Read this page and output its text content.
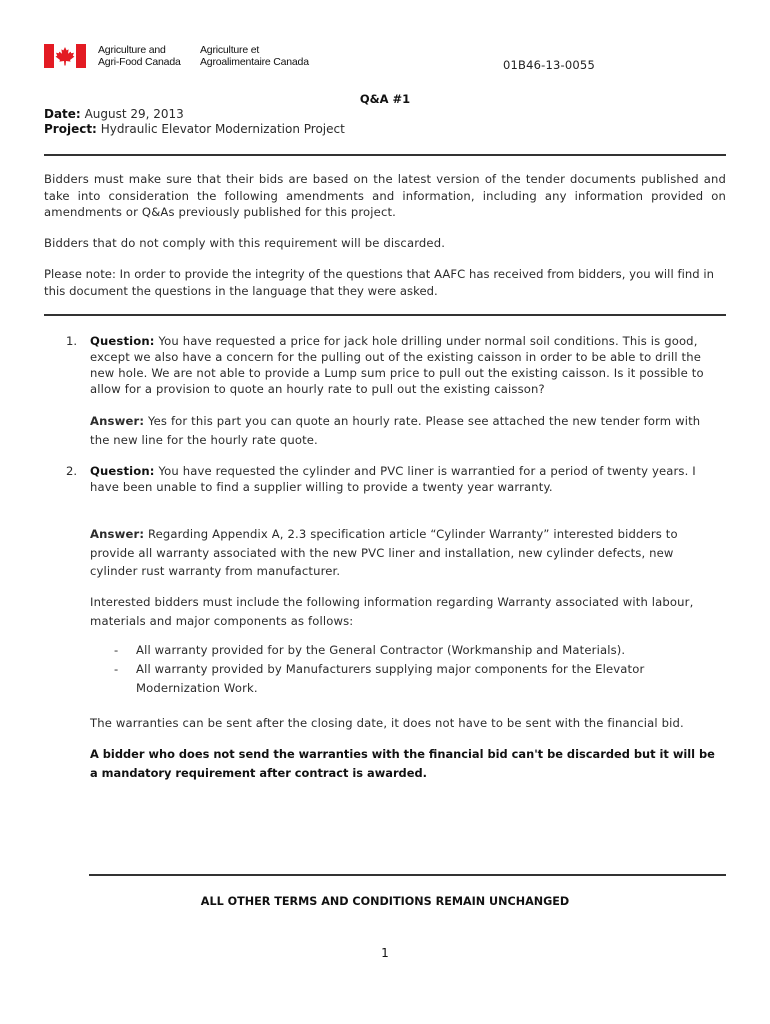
Agriculture and
Agri-Food Canada
Agriculture et
Agroalimentaire Canada	01B46-13-0055
Q&A #1
Date: August 29, 2013
Project: Hydraulic Elevator Modernization Project
Bidders must make sure that their bids are based on the latest version of the tender documents published and take into consideration the following amendments and information, including any information provided on amendments or Q&As previously published for this project.
Bidders that do not comply with this requirement will be discarded.
Please note: In order to provide the integrity of the questions that AAFC has received from bidders, you will find in this document the questions in the language that they were asked.
1. Question: You have requested a price for jack hole drilling under normal soil conditions. This is good, except we also have a concern for the pulling out of the existing caisson in order to be able to drill the new hole. We are not able to provide a Lump sum price to pull out the existing caisson. Is it possible to allow for a provision to quote an hourly rate to pull out the existing caisson?
Answer: Yes for this part you can quote an hourly rate. Please see attached the new tender form with the new line for the hourly rate quote.
2. Question: You have requested the cylinder and PVC liner is warrantied for a period of twenty years. I have been unable to find a supplier willing to provide a twenty year warranty.
Answer: Regarding Appendix A, 2.3 specification article “Cylinder Warranty” interested bidders to provide all warranty associated with the new PVC liner and installation, new cylinder defects, new cylinder rust warranty from manufacturer.
Interested bidders must include the following information regarding Warranty associated with labour, materials and major components as follows:
- All warranty provided for by the General Contractor (Workmanship and Materials).
- All warranty provided by Manufacturers supplying major components for the Elevator Modernization Work.
The warranties can be sent after the closing date, it does not have to be sent with the financial bid.
A bidder who does not send the warranties with the financial bid can't be discarded but it will be a mandatory requirement after contract is awarded.
ALL OTHER TERMS AND CONDITIONS REMAIN UNCHANGED
1
